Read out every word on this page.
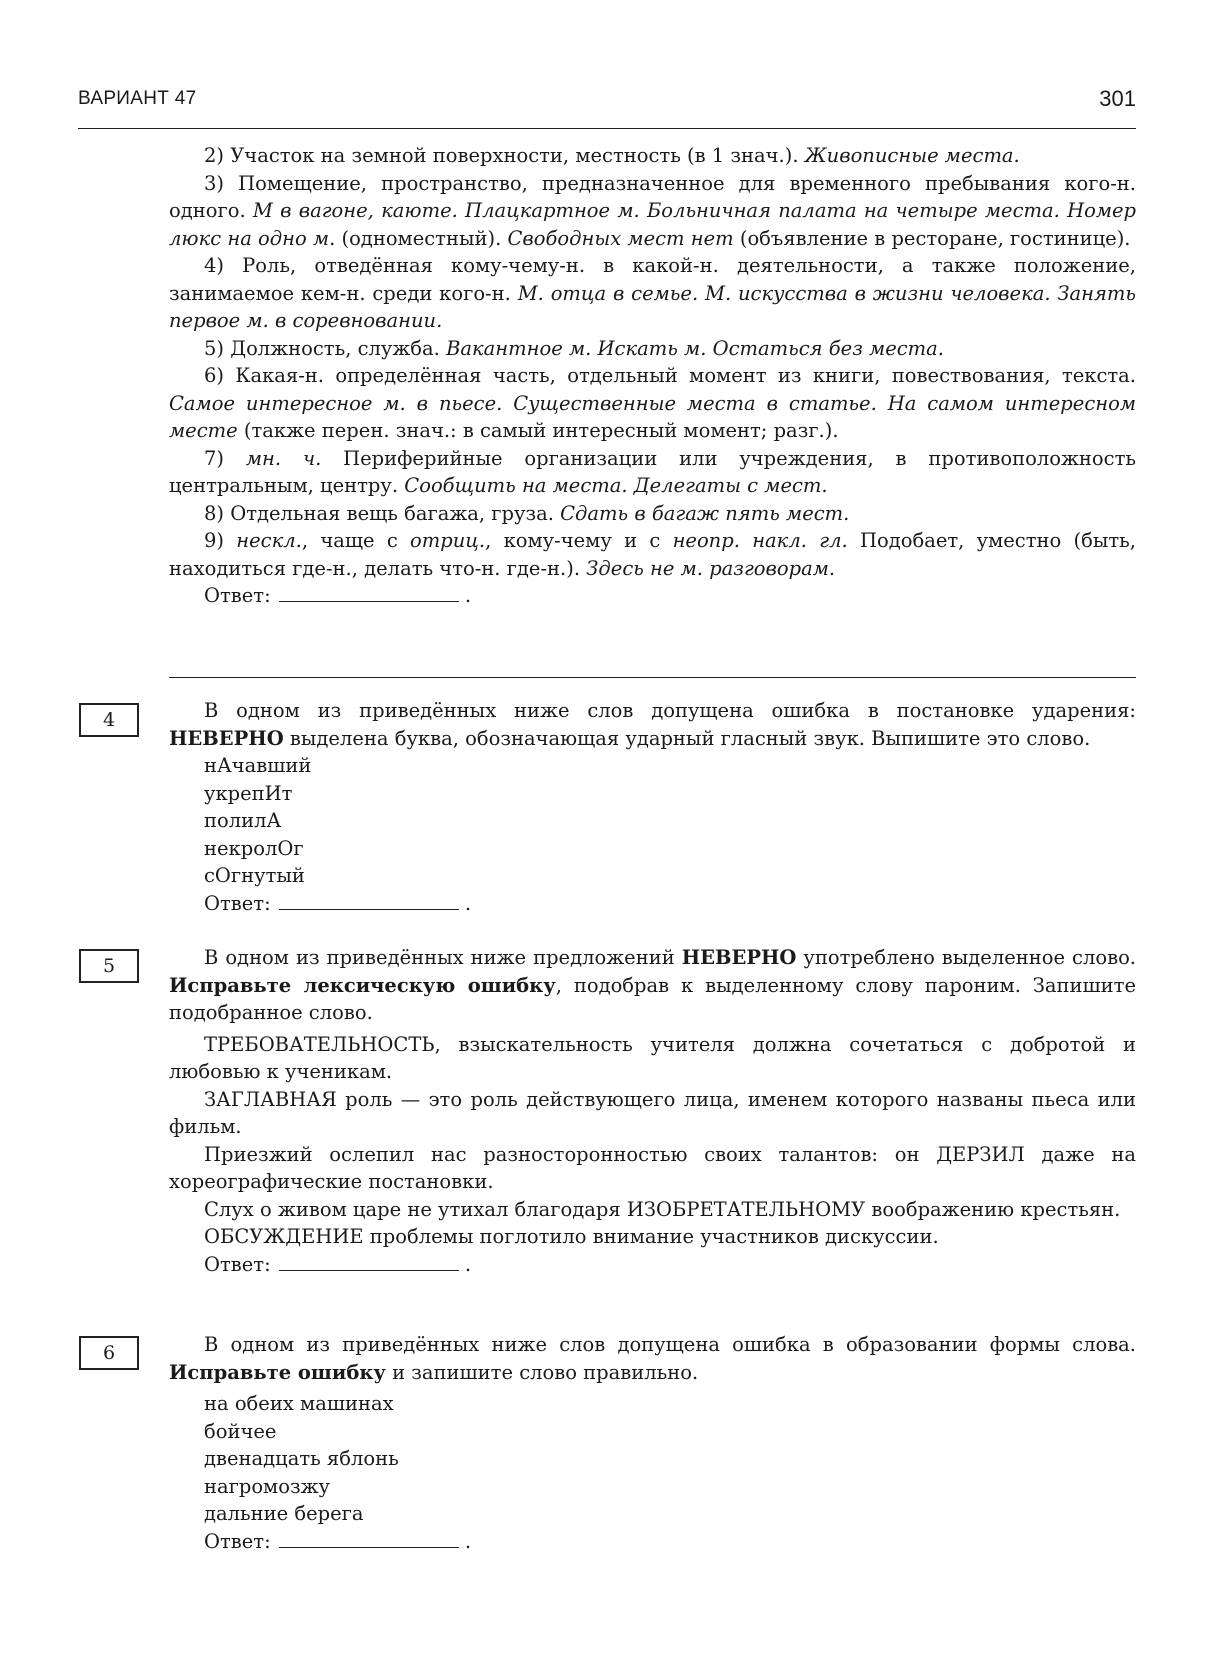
ВАРИАНТ 47	301

2) Участок на земной поверхности, местность (в 1 знач.). Живописные места.

3) Помещение, пространство, предназначенное для временного пребывания кого-н. одного. М в вагоне, каюте. Плацкартное м. Больничная палата на четыре места. Номер люкс на одно м. (одноместный). Свободных мест нет (объявление в ресторане, гостинице).

4) Роль, отведённая кому-чему-н. в какой-н. деятельности, а также положение, занимаемое кем-н. среди кого-н. М. отца в семье. М. искусства в жизни человека. Занять первое м. в соревновании.

5) Должность, служба. Вакантное м. Искать м. Остаться без места.

6) Какая-н. определённая часть, отдельный момент из книги, повествования, текста. Самое интересное м. в пьесе. Существенные места в статье. На самом интересном месте (также перен. знач.: в самый интересный момент; разг.).

7) мн. ч. Периферийные организации или учреждения, в противоположность центральным, центру. Сообщить на места. Делегаты с мест.

8) Отдельная вещь багажа, груза. Сдать в багаж пять мест.

9) нескл., чаще с отриц., кому-чему и с неопр. накл. гл. Подобает, уместно (быть, находиться где-н., делать что-н. где-н.). Здесь не м. разговорам.

Ответ:	.

4	В одном из приведённых ниже слов допущена ошибка в постановке ударения: НЕВЕРНО выделена буква, обозначающая ударный гласный звук. Выпишите это слово.

нАчавший
укрепИт
полилА
некролОг
сОгнутый

Ответ:	.

5	В одном из приведённых ниже предложений НЕВЕРНО употреблено выделенное слово. Исправьте лексическую ошибку, подобрав к выделенному слову пароним. Запишите подобранное слово.

ТРЕБОВАТЕЛЬНОСТЬ, взыскательность учителя должна сочетаться с добротой и любовью к ученикам.

ЗАГЛАВНАЯ роль — это роль действующего лица, именем которого названы пьеса или фильм.

Приезжий ослепил нас разносторонностью своих талантов: он ДЕРЗИЛ даже на хореографические постановки.

Слух о живом царе не утихал благодаря ИЗОБРЕТАТЕЛЬНОМУ воображению крестьян.

ОБСУЖДЕНИЕ проблемы поглотило внимание участников дискуссии.

Ответ:	.

6	В одном из приведённых ниже слов допущена ошибка в образовании формы слова. Исправьте ошибку и запишите слово правильно.

на обеих машинах
бойчее
двенадцать яблонь
нагромозжу
дальние берега

Ответ:	.
